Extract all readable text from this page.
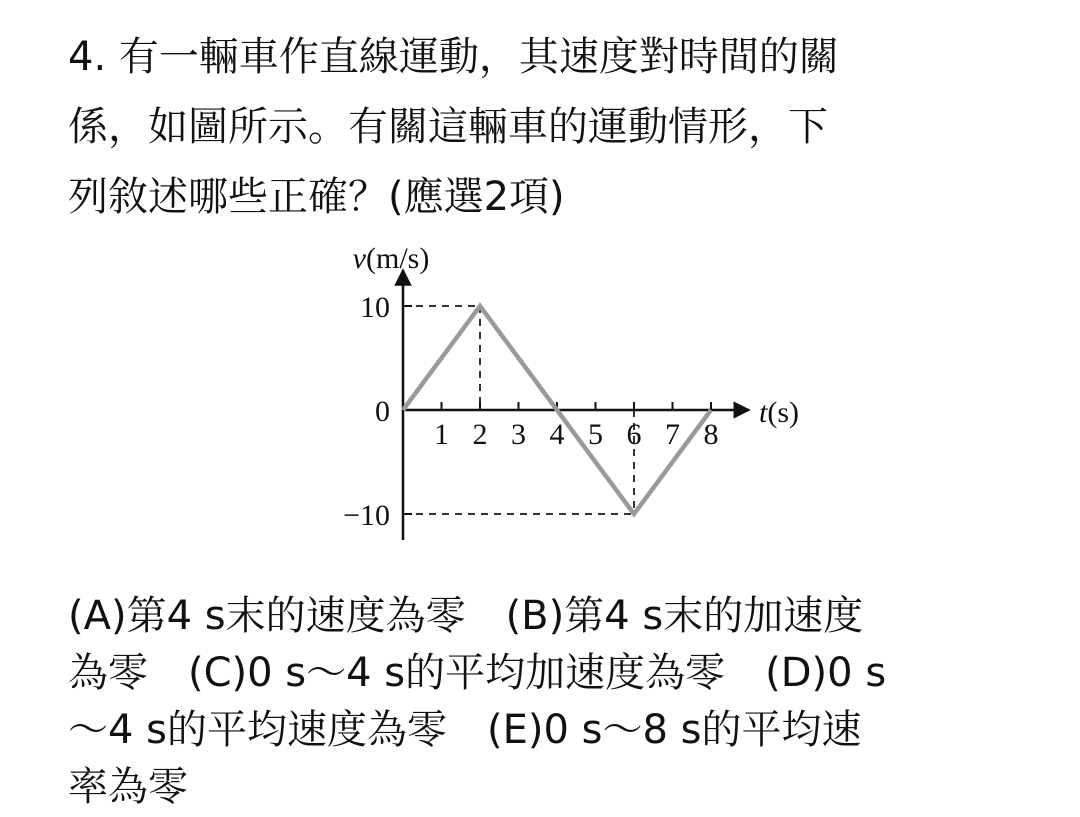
4. 有一輛車作直線運動，其速度對時間的關
係，如圖所示。有關這輛車的運動情形，下
列敘述哪些正確？(應選2項)
1 2 3 4 5 6 7 8
10
0
−10
v(m/s)
t(s)
(A)第4 s末的速度為零　(B)第4 s末的加速度
為零　(C)0 s～4 s的平均加速度為零　(D)0 s
～4 s的平均速度為零　(E)0 s～8 s的平均速
率為零
